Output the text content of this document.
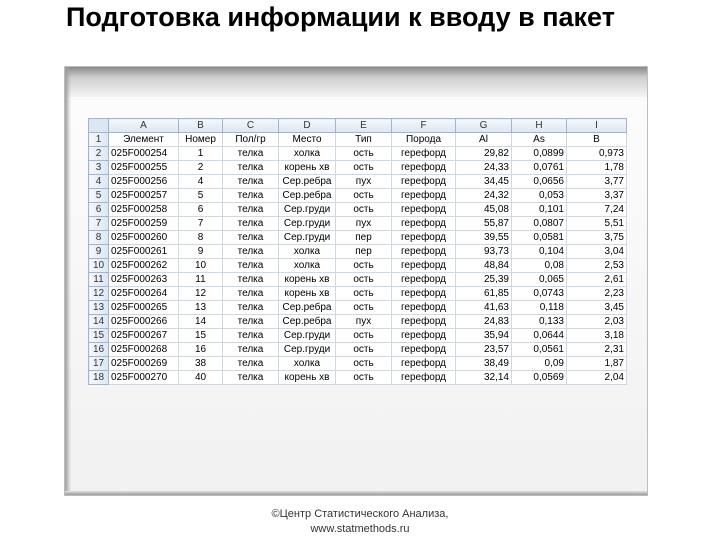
Подготовка информации к вводу в пакет
	A	B	C	D	E	F	G	H	I
1	Элемент	Номер	Пол/гр	Место	Тип	Порода	Al	As	B
2	025F000254	1	телка	холка	ость	герефорд	29,82	0,0899	0,973
3	025F000255	2	телка	корень хв	ость	герефорд	24,33	0,0761	1,78
4	025F000256	4	телка	Сер.ребра	пух	герефорд	34,45	0,0656	3,77
5	025F000257	5	телка	Сер.ребра	ость	герефорд	24,32	0,053	3,37
6	025F000258	6	телка	Сер.груди	ость	герефорд	45,08	0,101	7,24
7	025F000259	7	телка	Сер.груди	пух	герефорд	55,87	0,0807	5,51
8	025F000260	8	телка	Сер.груди	пер	герефорд	39,55	0,0581	3,75
9	025F000261	9	телка	холка	пер	герефорд	93,73	0,104	3,04
10	025F000262	10	телка	холка	ость	герефорд	48,84	0,08	2,53
11	025F000263	11	телка	корень хв	ость	герефорд	25,39	0,065	2,61
12	025F000264	12	телка	корень хв	ость	герефорд	61,85	0,0743	2,23
13	025F000265	13	телка	Сер.ребра	ость	герефорд	41,63	0,118	3,45
14	025F000266	14	телка	Сер.ребра	пух	герефорд	24,83	0,133	2,03
15	025F000267	15	телка	Сер.груди	ость	герефорд	35,94	0,0644	3,18
16	025F000268	16	телка	Сер.груди	ость	герефорд	23,57	0,0561	2,31
17	025F000269	38	телка	холка	ость	герефорд	38,49	0,09	1,87
18	025F000270	40	телка	корень хв	ость	герефорд	32,14	0,0569	2,04
©Центр Статистического Анализа,
www.statmethods.ru
